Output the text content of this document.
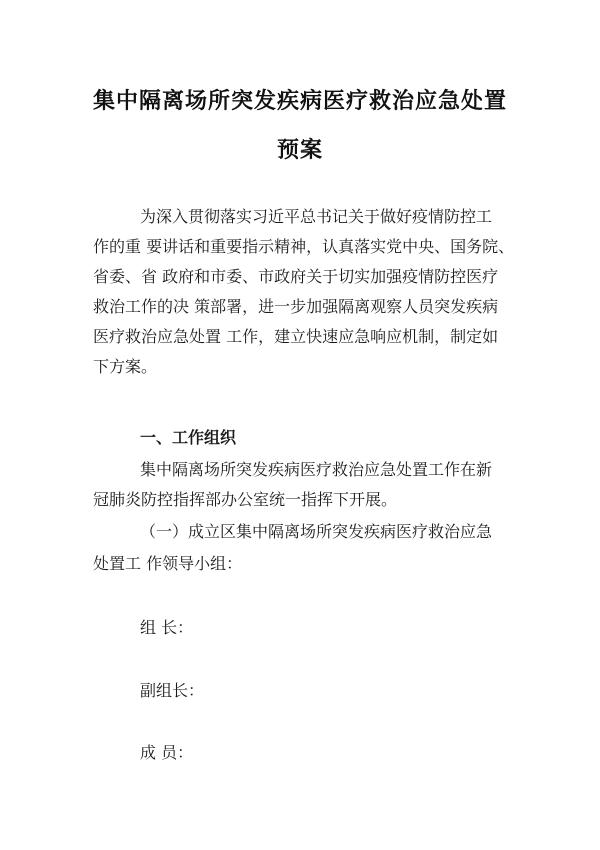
集中隔离场所突发疾病医疗救治应急处置
预案

为深入贯彻落实习近平总书记关于做好疫情防控工

作的重 要讲话和重要指示精神，认真落实党中央、国务院、

省委、省 政府和市委、市政府关于切实加强疫情防控医疗

救治工作的决 策部署，进一步加强隔离观察人员突发疾病

医疗救治应急处置 工作，建立快速应急响应机制，制定如

下方案。

一、工作组织

集中隔离场所突发疾病医疗救治应急处置工作在新

冠肺炎防控指挥部办公室统一指挥下开展。

（一）成立区集中隔离场所突发疾病医疗救治应急

处置工 作领导小组：

组 长：

副组长：

成 员：
